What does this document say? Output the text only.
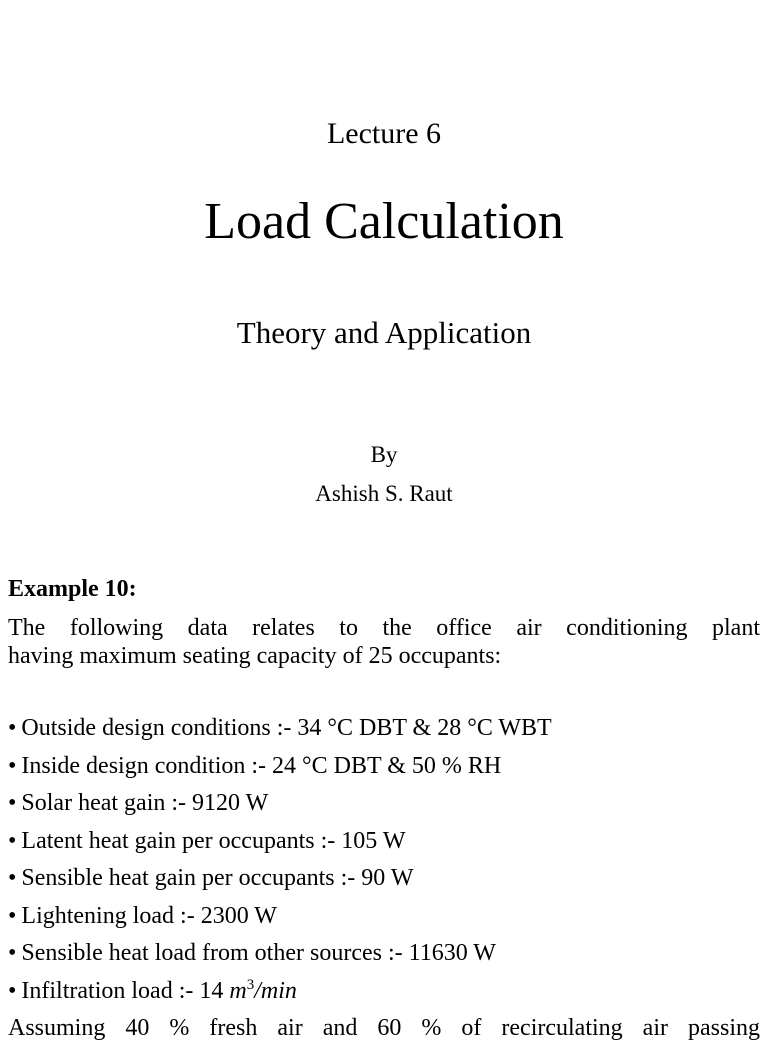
Lecture 6
Load Calculation
Theory and Application
By
Ashish S. Raut
Example 10:
The following data relates to the office air conditioning plant
having maximum seating capacity of 25 occupants:
• Outside design conditions :- 34 °C DBT & 28 °C WBT
• Inside design condition :- 24 °C DBT & 50 % RH
• Solar heat gain :- 9120 W
• Latent heat gain per occupants :- 105 W
• Sensible heat gain per occupants :- 90 W
• Lightening load :- 2300 W
• Sensible heat load from other sources :- 11630 W
• Infiltration load :- 14 $m^3/\min$
Assuming 40 % fresh air and 60 % of recirculating air passing
